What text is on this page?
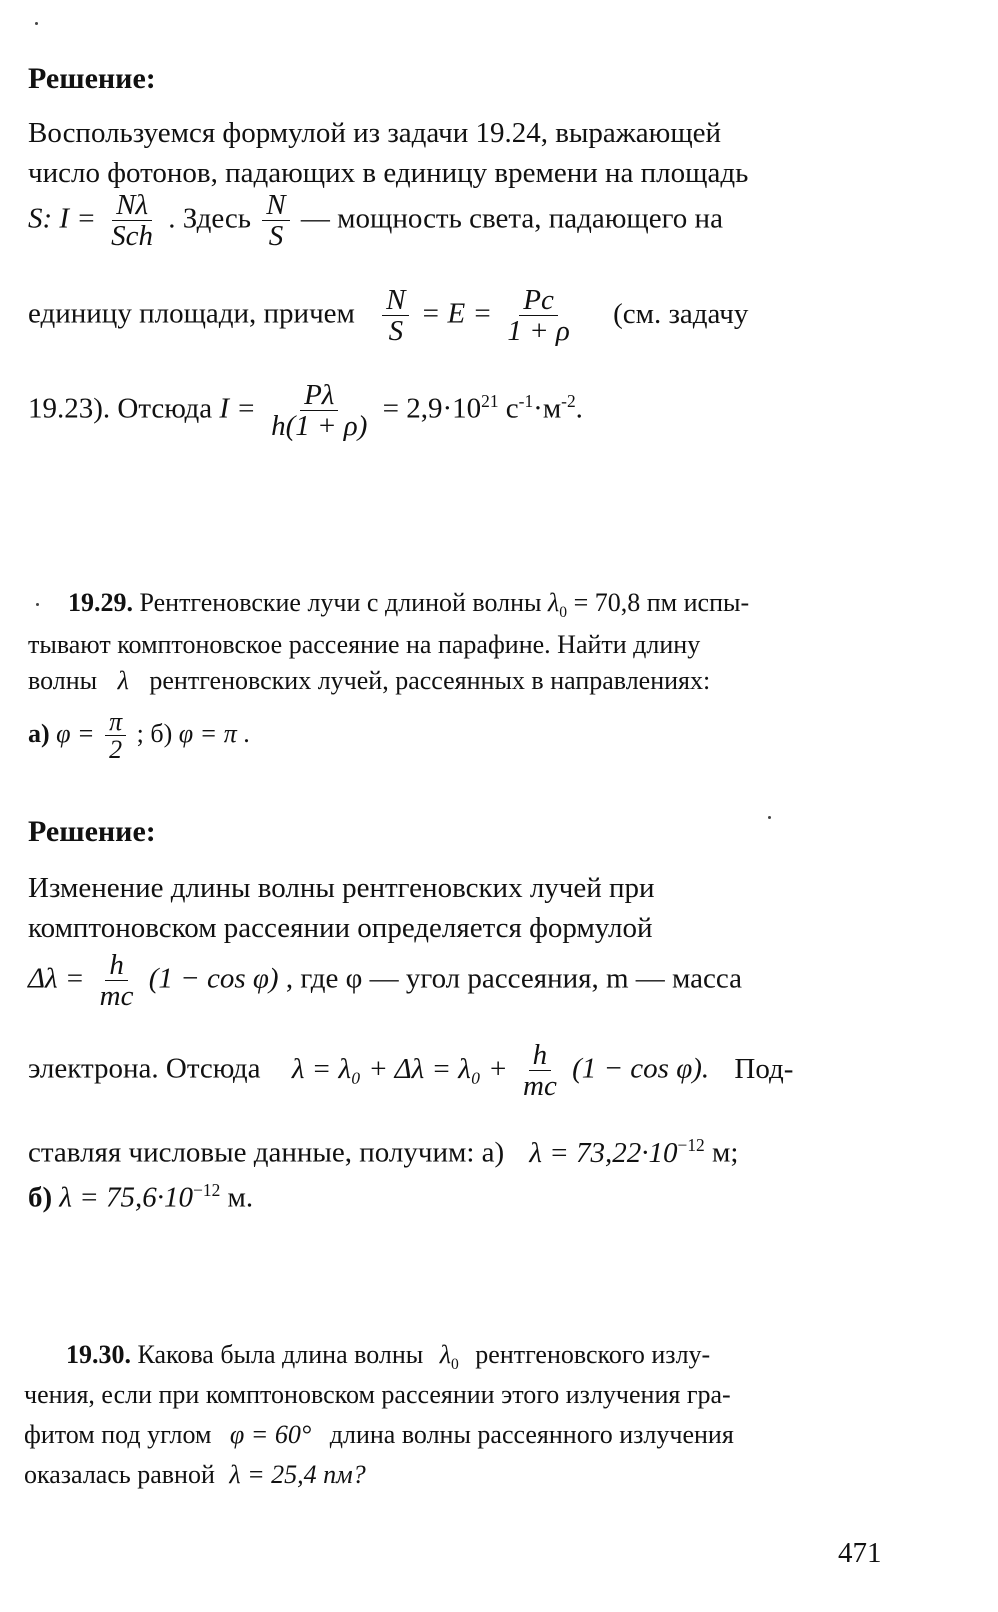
Решение:
Воспользуемся формулой из задачи 19.24, выражающей
число фотонов, падающих в единицу времени на площадь
S: $I = \frac{N\lambda}{\text{Sch}}$ . Здесь $\frac{N}{S}$ — мощность света, падающего на
единицу площади, причем $\frac{N}{S} = E = \frac{Pc}{1 + \rho} (см$. задачу
19.23). Отсюда $I = \frac{P\lambda}{h(1 + \rho)} = 2,9\cdot 10^{21}$ $с^{-1}\cdot м^{-2}$.
19.29. Рентгеновские лучи с длиной волны $\lambda_0 = 70,8$ пм испы-
тывают комптоновское рассеяние на парафине. Найти длину
волны λ рентгеновских лучей, рассеянных в направлениях:
а) $\varphi = \frac{\pi}{2}$ ; б) φ = π .
Решение:
Изменение длины волны рентгеновских лучей при
комптоновском рассеянии определяется формулой
$\Delta\lambda = \frac{h}{mc} (1 - \cos \varphi)$ , где φ — угол рассеяния, m — масса
электрона. Отсюда $\lambda = \lambda_0 + \Delta\lambda = \lambda_0 + \frac{h}{mc} (1 - \cos \varphi)$. Под-
ставляя числовые данные, получим: а) $\lambda = 73,22\cdot 10^{-12}$ м;
б) $\lambda = 75,6\cdot 10^{-12}$ м.
19.30. Какова была длина волны $\lambda_0$ рентгеновского излу-
чения, если при комптоновском рассеянии этого излучения гра-
фитом под углом φ = 60° длина волны рассеянного излучения
оказалась равной λ = 25,4 пм?
471
